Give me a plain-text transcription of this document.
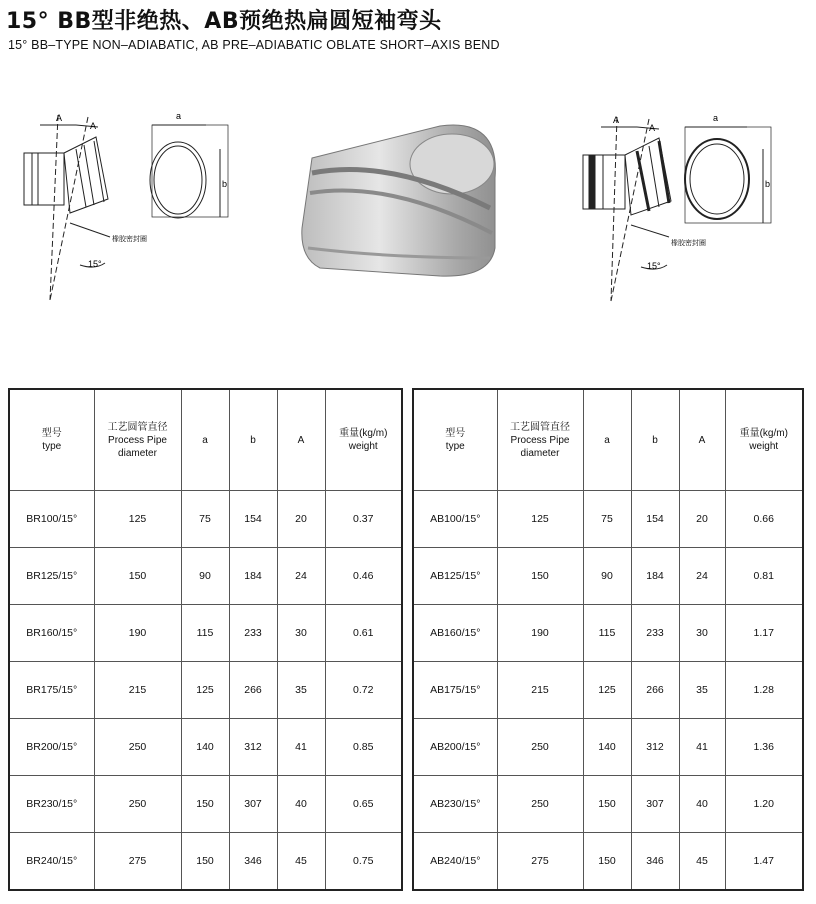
15° BB型非绝热、AB预绝热扁圆短袖弯头
15° BB–TYPE NON–ADIABATIC, AB PRE–ADIABATIC OBLATE SHORT–AXIS BEND
A
A
a
b
橡胶密封圈
15°
A
A
a
b
橡胶密封圈
15°
型号
type	工艺圆管直径
Process Pipe
diameter	a	b	A	重量(kg/m)
weight

BR100/15°	125	75	154	20	0.37
BR125/15°	150	90	184	24	0.46
BR160/15°	190	115	233	30	0.61
BR175/15°	215	125	266	35	0.72
BR200/15°	250	140	312	41	0.85
BR230/15°	250	150	307	40	0.65
BR240/15°	275	150	346	45	0.75
型号
type	工艺圆管直径
Process Pipe
diameter	a	b	A	重量(kg/m)
weight

AB100/15°	125	75	154	20	0.66
AB125/15°	150	90	184	24	0.81
AB160/15°	190	115	233	30	1.17
AB175/15°	215	125	266	35	1.28
AB200/15°	250	140	312	41	1.36
AB230/15°	250	150	307	40	1.20
AB240/15°	275	150	346	45	1.47
